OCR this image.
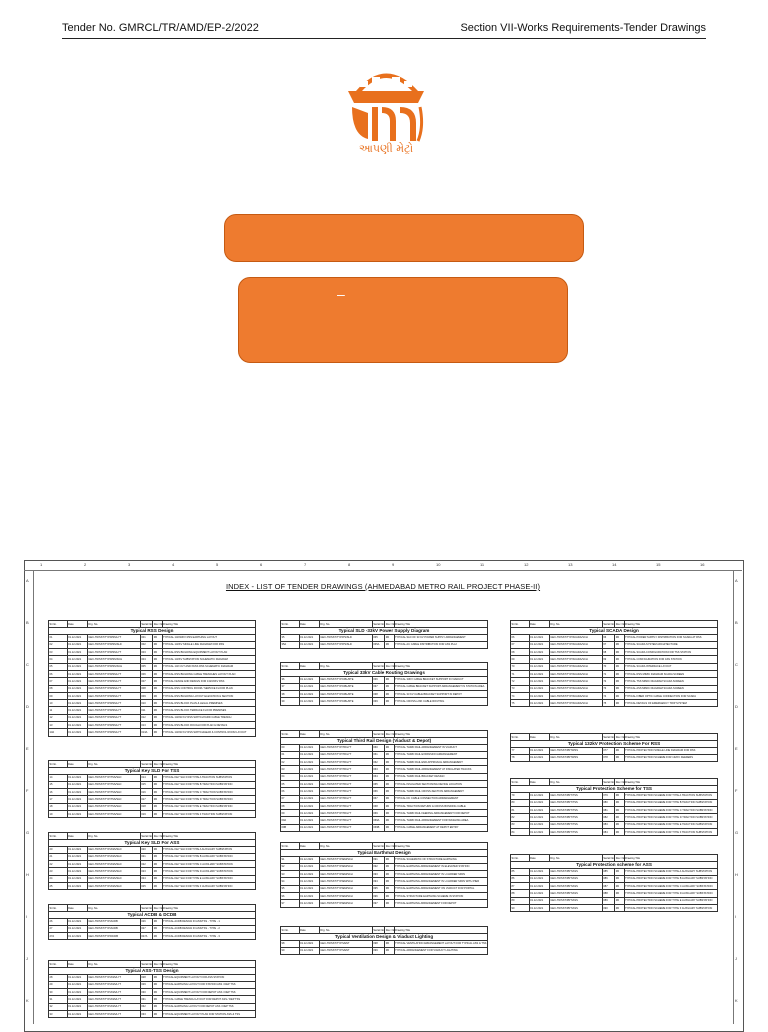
Tender No. GMRCL/TR/AMD/EP-2/2022	Section VII-Works Requirements-Tender Drawings
આપણી મેટ્રો
–
INDEX - LIST OF TENDER DRAWINGS (AHMEDABAD METRO RAIL PROJECT PHASE-II)
Sr.No.	Date	Drg. No.	Serial No.	Rev. No.	Drawing Title
Typical RSS Design					
01	01.12.2021	GEC-TR/SST/TYP/RSS/LYT	001	R0	TYPICAL 132/33KV RSS EARTHING LAYOUT
02	01.12.2021	GEC-TR/SST/TYP/RSS/SLD	002	R0	TYPICAL 132KV SINGLE LINE DIAGRAM FOR RSS
03	01.12.2021	GEC-TR/SST/TYP/RSS/LYT	003	R0	TYPICAL RSS BUILDING EQUIPMENT LAYOUT PLAN
04	01.12.2021	GEC-TR/SST/TYP/RSS/SCH	004	R0	TYPICAL 132KV SUBSTATION SCHEMATIC DIAGRAM
05	01.12.2021	GEC-TR/SST/TYP/RSS/SCH	005	R0	TYPICAL 132 CUT AND PASS RSS SCHEMATIC DIAGRAM
06	01.12.2021	GEC-TR/SST/TYP/RSS/LYT	006	R0	TYPICAL RSS BUILDING CABLE TRENCHES LAYOUT PLAN
07	01.12.2021	GEC-TR/SST/TYP/RSS/LYT	007	R0	TYPICAL FENCE AND DESIGN FOR 132/33KV RSS
08	01.12.2021	GEC-TR/SST/TYP/RSS/LYT	008	R0	TYPICAL RSS CONTROL ROOM / SERVICE FLOOR PLAN
09	01.12.2021	GEC-TR/SST/TYP/RSS/LYT	009	R0	TYPICAL RSS BUILDING LAYOUT ELEVATION & SECTION
10	01.12.2021	GEC-TR/SST/TYP/RSS/LYT	010	R0	TYPICAL RSS BLOCK PLAN & LEGAL PREMISES
11	01.12.2021	GEC-TR/SST/TYP/RSS/LYT	011	R0	TYPICAL RSS BLOCK TERRACE FLOOR PREMISES
12	01.12.2021	GEC-TR/SST/TYP/RSS/LYT	012	R0	TYPICAL 132/33 KV RSS SWITCHYARD CABLE TRENCH
13	01.12.2021	GEC-TR/SST/TYP/RSS/LYT	013	R0	TYPICAL RSS BLOCK ROUGH FOR PLAN & DETAILS
13A	01.12.2021	GEC-TR/SST/TYP/RSS/LYT	013A	R0	TYPICAL 132/33 KV RSS SWITCHGEAR & CONTROL ROOM LAYOUT
Sr.No.	Date	Drg. No.	Serial No.	Rev. No.	Drawing Title
Typical Key SLD For TSS					
14	01.12.2021	GEC-TR/SST/TYP/TSS/SLD	014	R0	TYPICAL KEY SLD FOR TYPE A TRACTION SUBSTATION
15	01.12.2021	GEC-TR/SST/TYP/TSS/SLD	015	R0	TYPICAL KEY SLD FOR TYPE B TRACTION SUBSTATION
16	01.12.2021	GEC-TR/SST/TYP/TSS/SLD	016	R0	TYPICAL KEY SLD FOR TYPE C TRACTION SUBSTATION
17	01.12.2021	GEC-TR/SST/TYP/TSS/SLD	017	R0	TYPICAL KEY SLD FOR TYPE D TRACTION SUBSTATION
18	01.12.2021	GEC-TR/SST/TYP/TSS/SLD	018	R0	TYPICAL KEY SLD FOR TYPE E TRACTION SUBSTATION
19	01.12.2021	GEC-TR/SST/TYP/TSS/SLD	019	R0	TYPICAL KEY SLD FOR TYPE F TRACTION SUBSTATION
Sr.No.	Date	Drg. No.	Serial No.	Rev. No.	Drawing Title
Typical Key SLD For ASS					
20	01.12.2021	GEC-TR/SST/TYP/ASS/SLD	020	R0	TYPICAL KEY SLD FOR TYPE A AUXILIARY SUBSTATION
21	01.12.2021	GEC-TR/SST/TYP/ASS/SLD	021	R0	TYPICAL KEY SLD FOR TYPE B AUXILIARY SUBSTATION
22	01.12.2021	GEC-TR/SST/TYP/ASS/SLD	022	R0	TYPICAL KEY SLD FOR TYPE C AUXILIARY SUBSTATION
23	01.12.2021	GEC-TR/SST/TYP/ASS/SLD	023	R0	TYPICAL KEY SLD FOR TYPE D AUXILIARY SUBSTATION
24	01.12.2021	GEC-TR/SST/TYP/ASS/SLD	024	R0	TYPICAL KEY SLD FOR TYPE E AUXILIARY SUBSTATION
25	01.12.2021	GEC-TR/SST/TYP/ASS/SLD	025	R0	TYPICAL KEY SLD FOR TYPE F AUXILIARY SUBSTATION
Sr.No.	Date	Drg. No.	Serial No.	Rev. No.	Drawing Title
Typical ACDB & DCDB					
26	01.12.2021	GEC-TR/SST/TYP/ACDB	026	R0	TYPICAL ACDB DESIGN IN ASS/TSS - TYPE - 1
27	01.12.2021	GEC-TR/SST/TYP/ACDB	027	R0	TYPICAL ACDB DESIGN IN ASS/TSS - TYPE - 2
27A	01.12.2021	GEC-TR/SST/TYP/DCDB	027A	R0	TYPICAL ACDB DESIGN IN ASS/TSS - TYPE - 3
Sr.No.	Date	Drg. No.	Serial No.	Rev. No.	Drawing Title
Typical ASS-TSS Design					
28	01.12.2021	GEC-TR/SST/TYP/ASS/LYT	028	R0	TYPICAL EQUIPMENT LAYOUT FOR ASS STATION
29	01.12.2021	GEC-TR/SST/TYP/ASS/LYT	029	R0	TYPICAL EARTHING LAYOUT FOR STATION ASS / DEP TSS
30	01.12.2021	GEC-TR/SST/TYP/ASS/LYT	030	R0	TYPICAL EQUIPMENT LAYOUT FOR DEPOT ASS / DEP TSS
31	01.12.2021	GEC-TR/SST/TYP/ASS/LYT	031	R0	TYPICAL CABLE TRENCH LAYOUT FOR DEPOT ASS / DEP TSS
32	01.12.2021	GEC-TR/SST/TYP/ASS/LYT	032	R0	TYPICAL EARTHING LAYOUT FOR DEPOT ASS / DEP TSS
33	01.12.2021	GEC-TR/SST/TYP/ASS/LYT	033	R0	TYPICAL EQUIPMENT LAYOUT PLAN FOR STATION ASS & TSS
Sr.No.	Date	Drg. No.	Serial No.	Rev. No.	Drawing Title
Typical SLD -33kV Power Supply Diagram					
35	01.12.2021	GEC-TR/SST/TYP/PS/SLD	035	R0	TYPICAL SLD OF 33 KV POWER SUPPLY ARRANGEMENT
35A	01.12.2021	GEC-TR/SST/TYP/PS/SLD	035A	R0	TYPICAL AC CABLE DISTRIBUTION FOR ASS PH-2
Sr.No.	Date	Drg. No.	Serial No.	Rev. No.	Drawing Title
Typical 33kV Cable Routing Drawings					
36	01.12.2021	GEC-TR/SST/TYP/CBL/RTE	036	R0	TYPICAL 33KV CABLE BRACKET SUPPORT IN VIADUCT
37	01.12.2021	GEC-TR/SST/TYP/CBL/RTE	037	R0	TYPICAL CABLE BRACKET SUPPORT ARRANGEMENT IN STATION AREA
38	01.12.2021	GEC-TR/SST/TYP/CBL/RTE	038	R0	TYPICAL 33 KV CABLE BRACKET SUPPORT IN DEPOT
39	01.12.2021	GEC-TR/SST/TYP/CBL/RTE	039	R0	TYPICAL CROSS-LINK CABLE ROUTING
Sr.No.	Date	Drg. No.	Serial No.	Rev. No.	Drawing Title
Typical Third Rail Design (Viaduct & Depot)					
60	01.12.2021	GEC-TR/SST/TYP/TR/LYT	060	R0	TYPICAL THIRD RAIL ARRANGEMENT IN VIADUCT
61	01.12.2021	GEC-TR/SST/TYP/TR/LYT	061	R0	TYPICAL THIRD RAIL EXPANSION ARRANGEMENT
62	01.12.2021	GEC-TR/SST/TYP/TR/LYT	062	R0	TYPICAL THIRD RAIL END APPROACH ARRANGEMENT
63	01.12.2021	GEC-TR/SST/TYP/TR/LYT	063	R0	TYPICAL THIRD RAIL ARRANGEMENT AT INSULATED TRACKS
64	01.12.2021	GEC-TR/SST/TYP/TR/LYT	064	R0	TYPICAL THIRD RAIL BRACKET DESIGN
65	01.12.2021	GEC-TR/SST/TYP/TR/LYT	065	R0	TYPICAL INSULATED SECTIONING DEVICE LOCATION
66	01.12.2021	GEC-TR/SST/TYP/TR/LYT	066	R0	TYPICAL THIRD RAIL CROSS-SECTION ARRANGEMENT
67	01.12.2021	GEC-TR/SST/TYP/TR/LYT	067	R0	TYPICAL DC CABLE CONNECTION ARRANGEMENT
68	01.12.2021	GEC-TR/SST/TYP/TR/LYT	068	R0	TYPICAL TRACTION RETURN & CROSS BONDING CABLE
69	01.12.2021	GEC-TR/SST/TYP/TR/LYT	069	R0	TYPICAL THIRD RAIL FEEDING ARRANGEMENT FOR DEPOT
69A	01.12.2021	GEC-TR/SST/TYP/TR/LYT	069A	R0	TYPICAL THIRD RAIL ARRANGEMENT FOR WASHING AREA
69B	01.12.2021	GEC-TR/SST/TYP/TR/LYT	069B	R0	TYPICAL CABLE ARRANGEMENT AT DEPOT ENTRY
Sr.No.	Date	Drg. No.	Serial No.	Rev. No.	Drawing Title
Typical Earthmat Design					
91	01.12.2021	GEC-TR/SST/TYP/EM/SCH	091	R0	TYPICAL SCHEMATIC OF STRUCTURE EARTHING
92	01.12.2021	GEC-TR/SST/TYP/EM/SCH	092	R0	TYPICAL EARTHING ARRANGEMENT IN ELEVATED STATION
93	01.12.2021	GEC-TR/SST/TYP/EM/SCH	093	R0	TYPICAL EARTHING ARRANGEMENT IN U-GIRDER SPAN
94	01.12.2021	GEC-TR/SST/TYP/EM/SCH	094	R0	TYPICAL EARTHING ARRANGEMENT IN U-GIRDER SPAN WITH PIER
95	01.12.2021	GEC-TR/SST/TYP/EM/SCH	095	R0	TYPICAL EARTHING ARRANGEMENT ON VIADUCT FOR PORTAL
96	01.12.2021	GEC-TR/SST/TYP/EM/SCH	096	R0	TYPICAL STRUCTURE EARTHING SCHEME IN STATION
97	01.12.2021	GEC-TR/SST/TYP/EM/SCH	097	R0	TYPICAL EARTHING ARRANGEMENT FOR DEPOT
Sr.No.	Date	Drg. No.	Serial No.	Rev. No.	Drawing Title
Typical Ventilation Design & Viaduct Lighting					
98	01.12.2021	GEC-TR/SST/TYP/VENT	098	R0	TYPICAL VENTILATION ARRANGEMENT LAYOUT FOR TYPICAL ASS & TSS
99	01.12.2021	GEC-TR/SST/TYP/VENT	099	R0	TYPICAL ARRANGEMENT FOR VIADUCT LIGHTING
Sr.No.	Date	Drg. No.	Serial No.	Rev. No.	Drawing Title
Typical SCADA Design					
66	01.12.2021	GEC-TR/SST/TYP/SCADA/SCH	66	R0	TYPICAL POWER SUPPLY DISTRIBUTION FOR SCADA AT RSS
67	01.12.2021	GEC-TR/SST/TYP/SCADA/SCH	67	R0	TYPICAL SCADA SYSTEM ARCHITECTURE
68	01.12.2021	GEC-TR/SST/TYP/SCADA/SCH	68	R0	TYPICAL SCADA CONFIGURATION FOR TSS STATION
69	01.12.2021	GEC-TR/SST/TYP/SCADA/SCH	69	R0	TYPICAL CONFIGURATION FOR ASS STATION
70	01.12.2021	GEC-TR/SST/TYP/SCADA/SCH	70	R0	TYPICAL SCADA INTERFACE LAYOUT
71	01.12.2021	GEC-TR/SST/TYP/SCADA/SCH	71	R0	TYPICAL RSS MIMIC DIAGRAM SCADA SCREEN
72	01.12.2021	GEC-TR/SST/TYP/SCADA/SCH	72	R0	TYPICAL TSS MIMIC DIAGRAM SCADA SCREEN
73	01.12.2021	GEC-TR/SST/TYP/SCADA/SCH	73	R0	TYPICAL ASS MIMIC DIAGRAM SCADA SCREEN
74	01.12.2021	GEC-TR/SST/TYP/SCADA/SCH	74	R0	TYPICAL FIBER OPTIC CABLE CONNECTION FOR SCADA
75	01.12.2021	GEC-TR/SST/TYP/SCADA/SCH	75	R0	TYPICAL DETAILS OF EMERGENCY TRIP SYSTEM
Sr.No.	Date	Drg. No.	Serial No.	Rev. No.	Drawing Title
Typical 132kV Protection Scheme For RSS					
77	01.12.2021	GEC-TR/SST/PRT/RSS	077	R0	TYPICAL PROTECTION SINGLE LINE DIAGRAM FOR RSS
78	01.12.2021	GEC-TR/SST/PRT/RSS	078	R0	TYPICAL PROTECTION SCHEME FOR 132KV FEEDERS
Sr.No.	Date	Drg. No.	Serial No.	Rev. No.	Drawing Title
Typical Protection Scheme for TSS					
79	01.12.2021	GEC-TR/SST/PRT/TSS	079	R0	TYPICAL PROTECTION SCHEME FOR TYPE A TRACTION SUBSTATION
80	01.12.2021	GEC-TR/SST/PRT/TSS	080	R0	TYPICAL PROTECTION SCHEME FOR TYPE B TRACTION SUBSTATION
81	01.12.2021	GEC-TR/SST/PRT/TSS	081	R0	TYPICAL PROTECTION SCHEME FOR TYPE C TRACTION SUBSTATION
82	01.12.2021	GEC-TR/SST/PRT/TSS	082	R0	TYPICAL PROTECTION SCHEME FOR TYPE D TRACTION SUBSTATION
83	01.12.2021	GEC-TR/SST/PRT/TSS	083	R0	TYPICAL PROTECTION SCHEME FOR TYPE E TRACTION SUBSTATION
84	01.12.2021	GEC-TR/SST/PRT/TSS	084	R0	TYPICAL PROTECTION SCHEME FOR TYPE F TRACTION SUBSTATION
Sr.No.	Date	Drg. No.	Serial No.	Rev. No.	Drawing Title
Typical Protection scheme for ASS					
85	01.12.2021	GEC-TR/SST/PRT/ASS	085	R0	TYPICAL PROTECTION SCHEME FOR TYPE A AUXILIARY SUBSTATION
86	01.12.2021	GEC-TR/SST/PRT/ASS	086	R0	TYPICAL PROTECTION SCHEME FOR TYPE B AUXILIARY SUBSTATION
87	01.12.2021	GEC-TR/SST/PRT/ASS	087	R0	TYPICAL PROTECTION SCHEME FOR TYPE C AUXILIARY SUBSTATION
88	01.12.2021	GEC-TR/SST/PRT/ASS	088	R0	TYPICAL PROTECTION SCHEME FOR TYPE D AUXILIARY SUBSTATION
89	01.12.2021	GEC-TR/SST/PRT/ASS	089	R0	TYPICAL PROTECTION SCHEME FOR TYPE E AUXILIARY SUBSTATION
90	01.12.2021	GEC-TR/SST/PRT/ASS	090	R0	TYPICAL PROTECTION SCHEME FOR TYPE F AUXILIARY SUBSTATION
1	2	3	4	5	6	7	8	9	10	11	12	13	14	15	16
A	A
B	B
C	C
D	D
E	E
F	F
G	G
H	H
I	I
J	J
K	K
